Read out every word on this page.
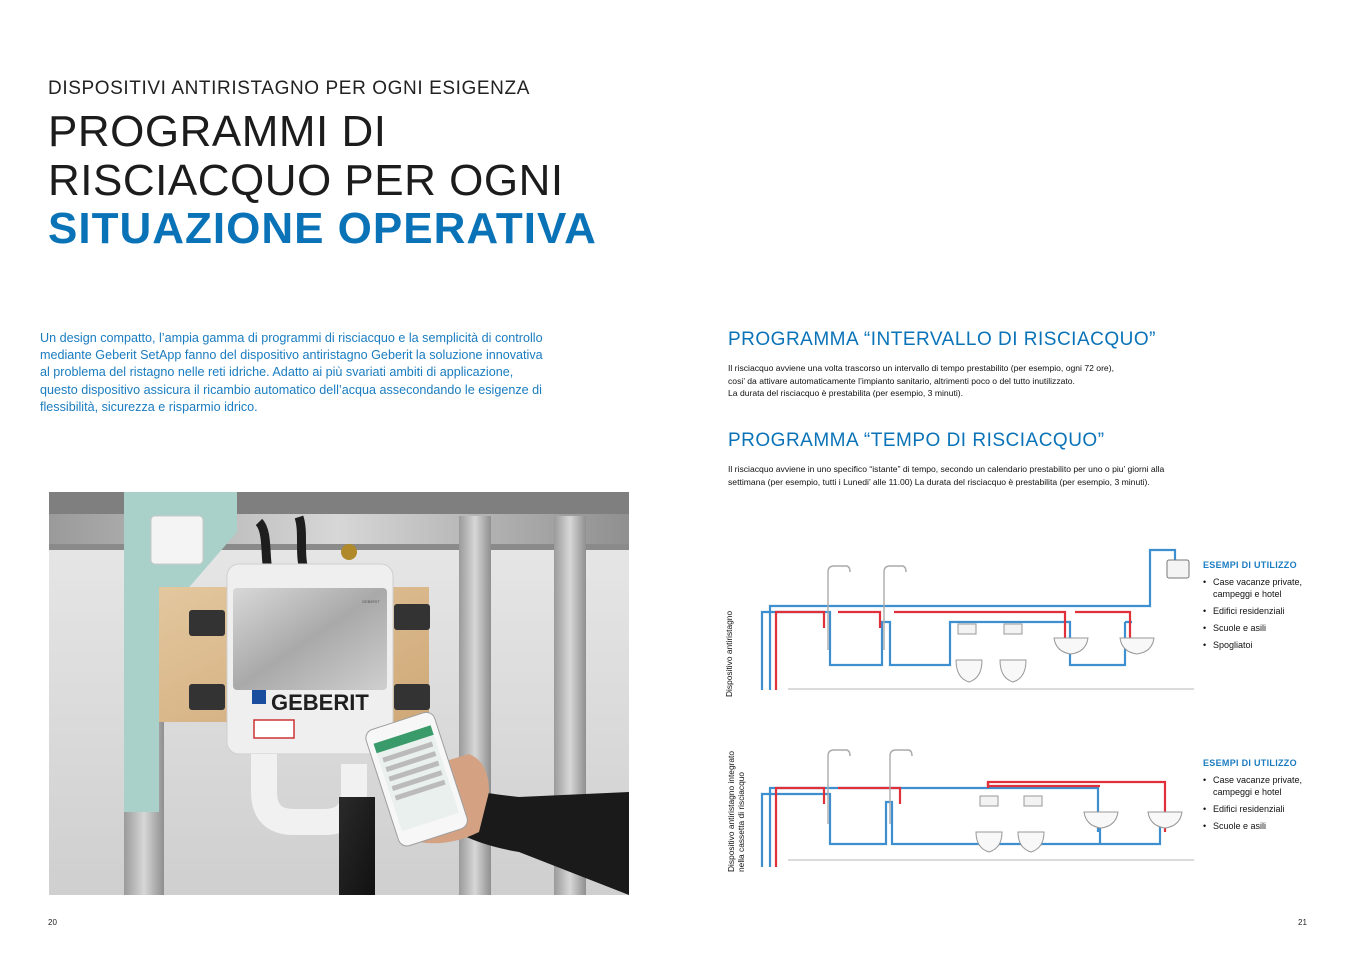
DISPOSITIVI ANTIRISTAGNO PER OGNI ESIGENZA
PROGRAMMI DI
RISCIACQUO PER OGNI
SITUAZIONE OPERATIVA

Un design compatto, l’ampia gamma di programmi di risciacquo e la semplicità di controllo

mediante Geberit SetApp fanno del dispositivo antiristagno Geberit la soluzione innovativa

al problema del ristagno nelle reti idriche. Adatto ai più svariati ambiti di applicazione,

questo dispositivo assicura il ricambio automatico dell’acqua assecondando le esigenze di

flessibilità, sicurezza e risparmio idrico.

GEBERIT
GEBERIT
20
PROGRAMMA “INTERVALLO DI RISCIACQUO”

Il risciacquo avviene una volta trascorso un intervallo di tempo prestabilito (per esempio, ogni 72 ore),

cosi’ da attivare automaticamente l’impianto sanitario, altrimenti poco o del tutto inutilizzato.

La durata del risciacquo è prestabilita (per esempio, 3 minuti).

PROGRAMMA “TEMPO DI RISCIACQUO”

Il risciacquo avviene in uno specifico “istante” di tempo, secondo un calendario prestabilito per uno o piu’ giorni alla

settimana (per esempio, tutti i Lunedi’ alle 11.00) La durata del risciacquo è prestabilita (per esempio, 3 minuti).

Dispositivo antiristagno
ESEMPI DI UTILIZZO
• Case vacanze private,
campeggi e hotel
• Edifici residenziali
• Scuole e asili
• Spogliatoi
Dispositivo antiristagno integrato nella cassetta di risciacquo
ESEMPI DI UTILIZZO
• Case vacanze private,
campeggi e hotel
• Edifici residenziali
• Scuole e asili
21
